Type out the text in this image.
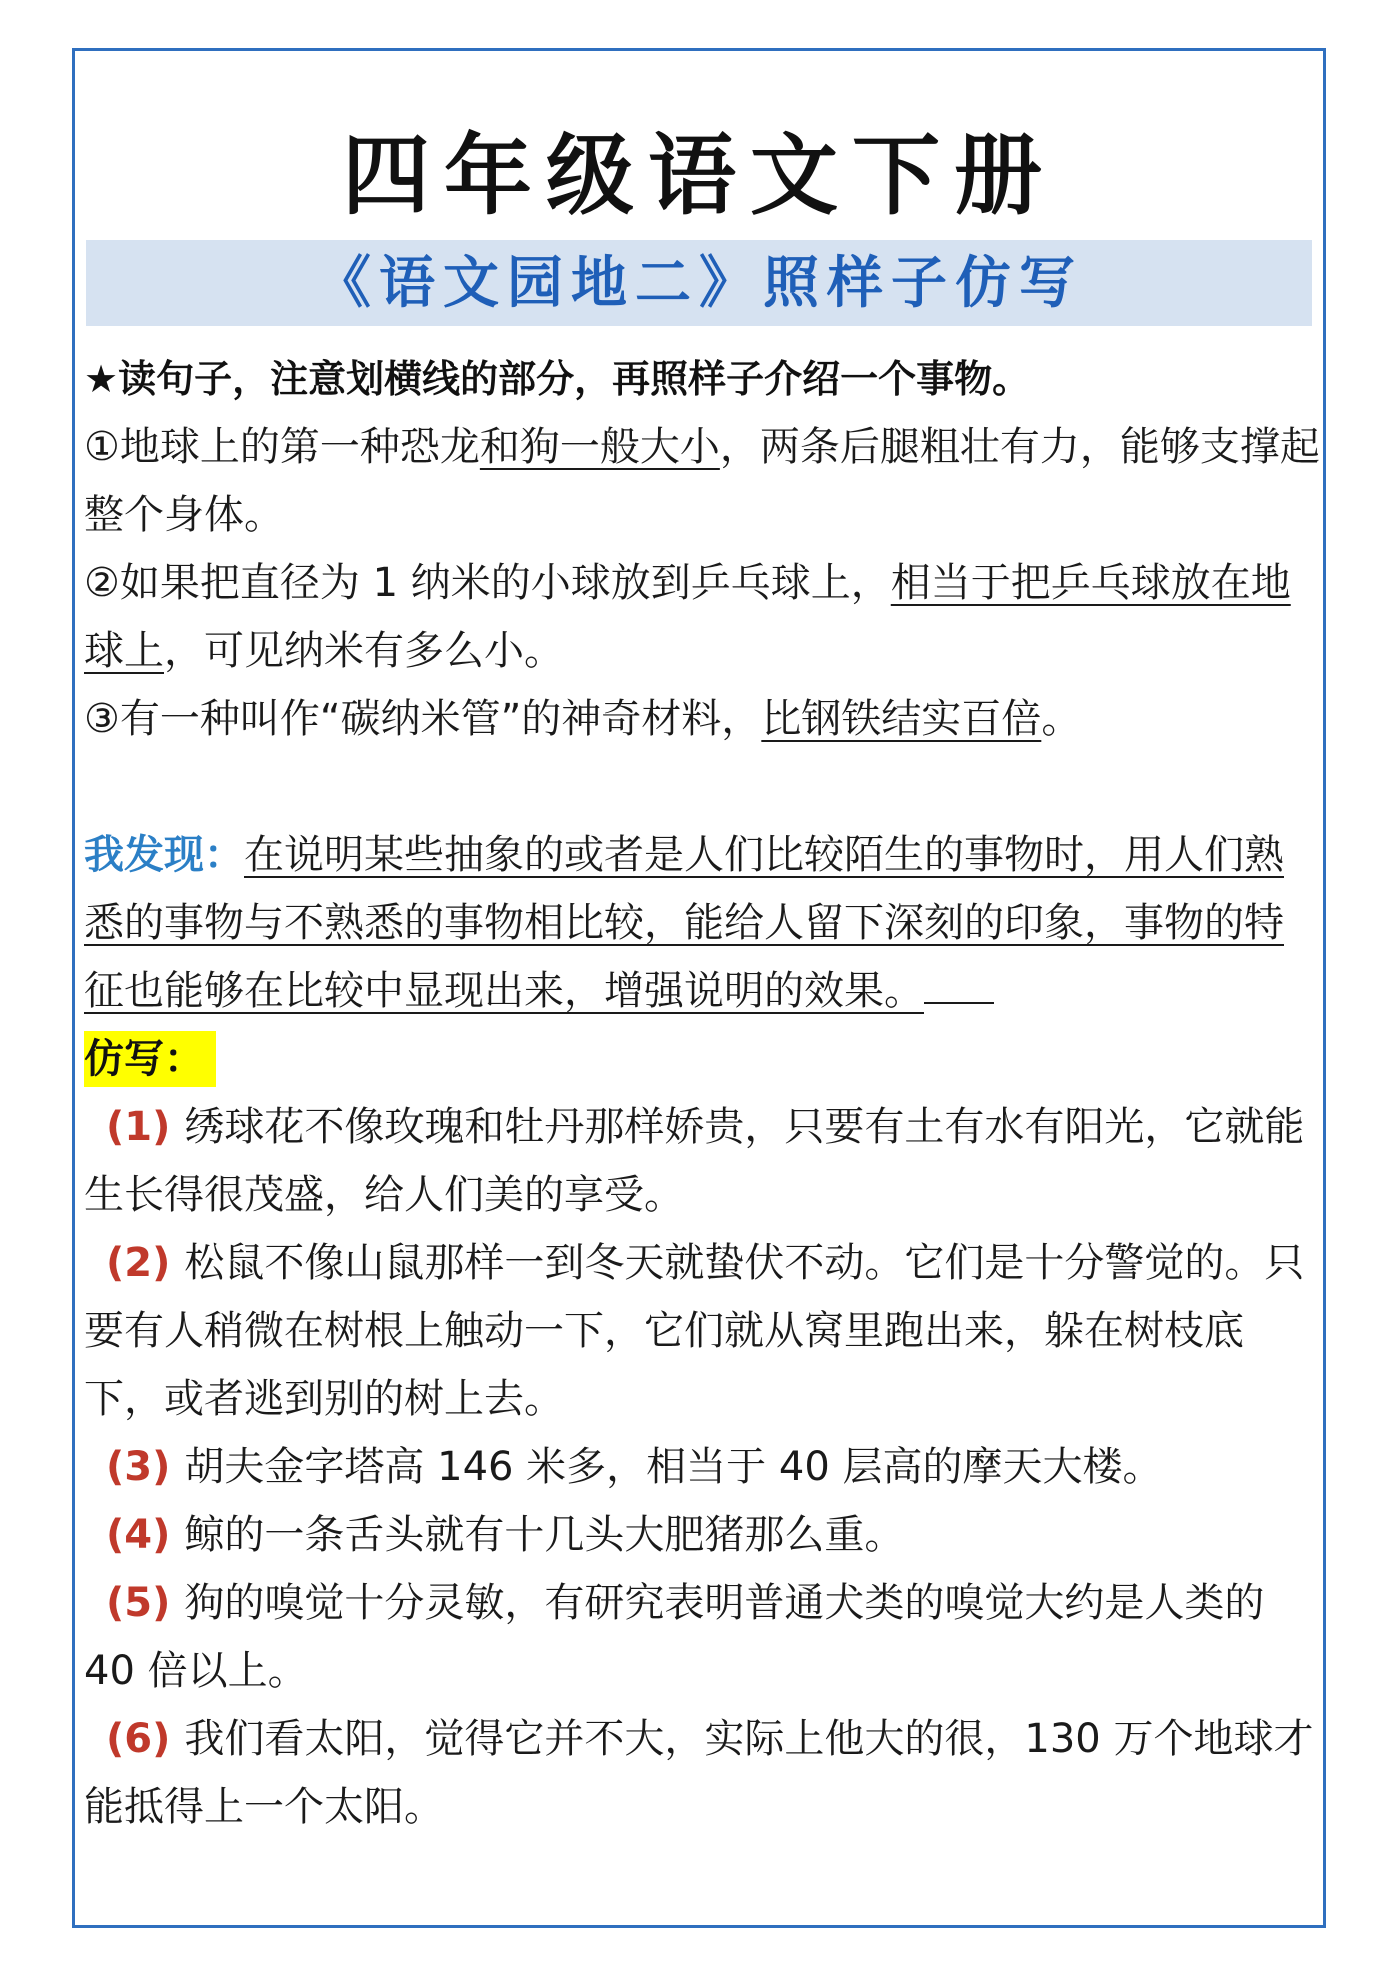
四年级语文下册
《语文园地二》照样子仿写

★读句子，注意划横线的部分，再照样子介绍一个事物。

①地球上的第一种恐龙和狗一般大小，两条后腿粗壮有力，能够支撑起整个身体。

②如果把直径为 1 纳米的小球放到乒乓球上，相当于把乒乓球放在地球上，可见纳米有多么小。

③有一种叫作“碳纳米管”的神奇材料，比钢铁结实百倍。

我发现：在说明某些抽象的或者是人们比较陌生的事物时，用人们熟悉的事物与不熟悉的事物相比较，能给人留下深刻的印象，事物的特征也能够在比较中显现出来，增强说明的效果。

仿写：

(1) 绣球花不像玫瑰和牡丹那样娇贵，只要有土有水有阳光，它就能生长得很茂盛，给人们美的享受。

(2) 松鼠不像山鼠那样一到冬天就蛰伏不动。它们是十分警觉的。只要有人稍微在树根上触动一下，它们就从窝里跑出来，躲在树枝底下，或者逃到别的树上去。

(3) 胡夫金字塔高 146 米多，相当于 40 层高的摩天大楼。

(4) 鲸的一条舌头就有十几头大肥猪那么重。

(5) 狗的嗅觉十分灵敏，有研究表明普通犬类的嗅觉大约是人类的 40 倍以上。

(6) 我们看太阳，觉得它并不大，实际上他大的很，130 万个地球才能抵得上一个太阳。
